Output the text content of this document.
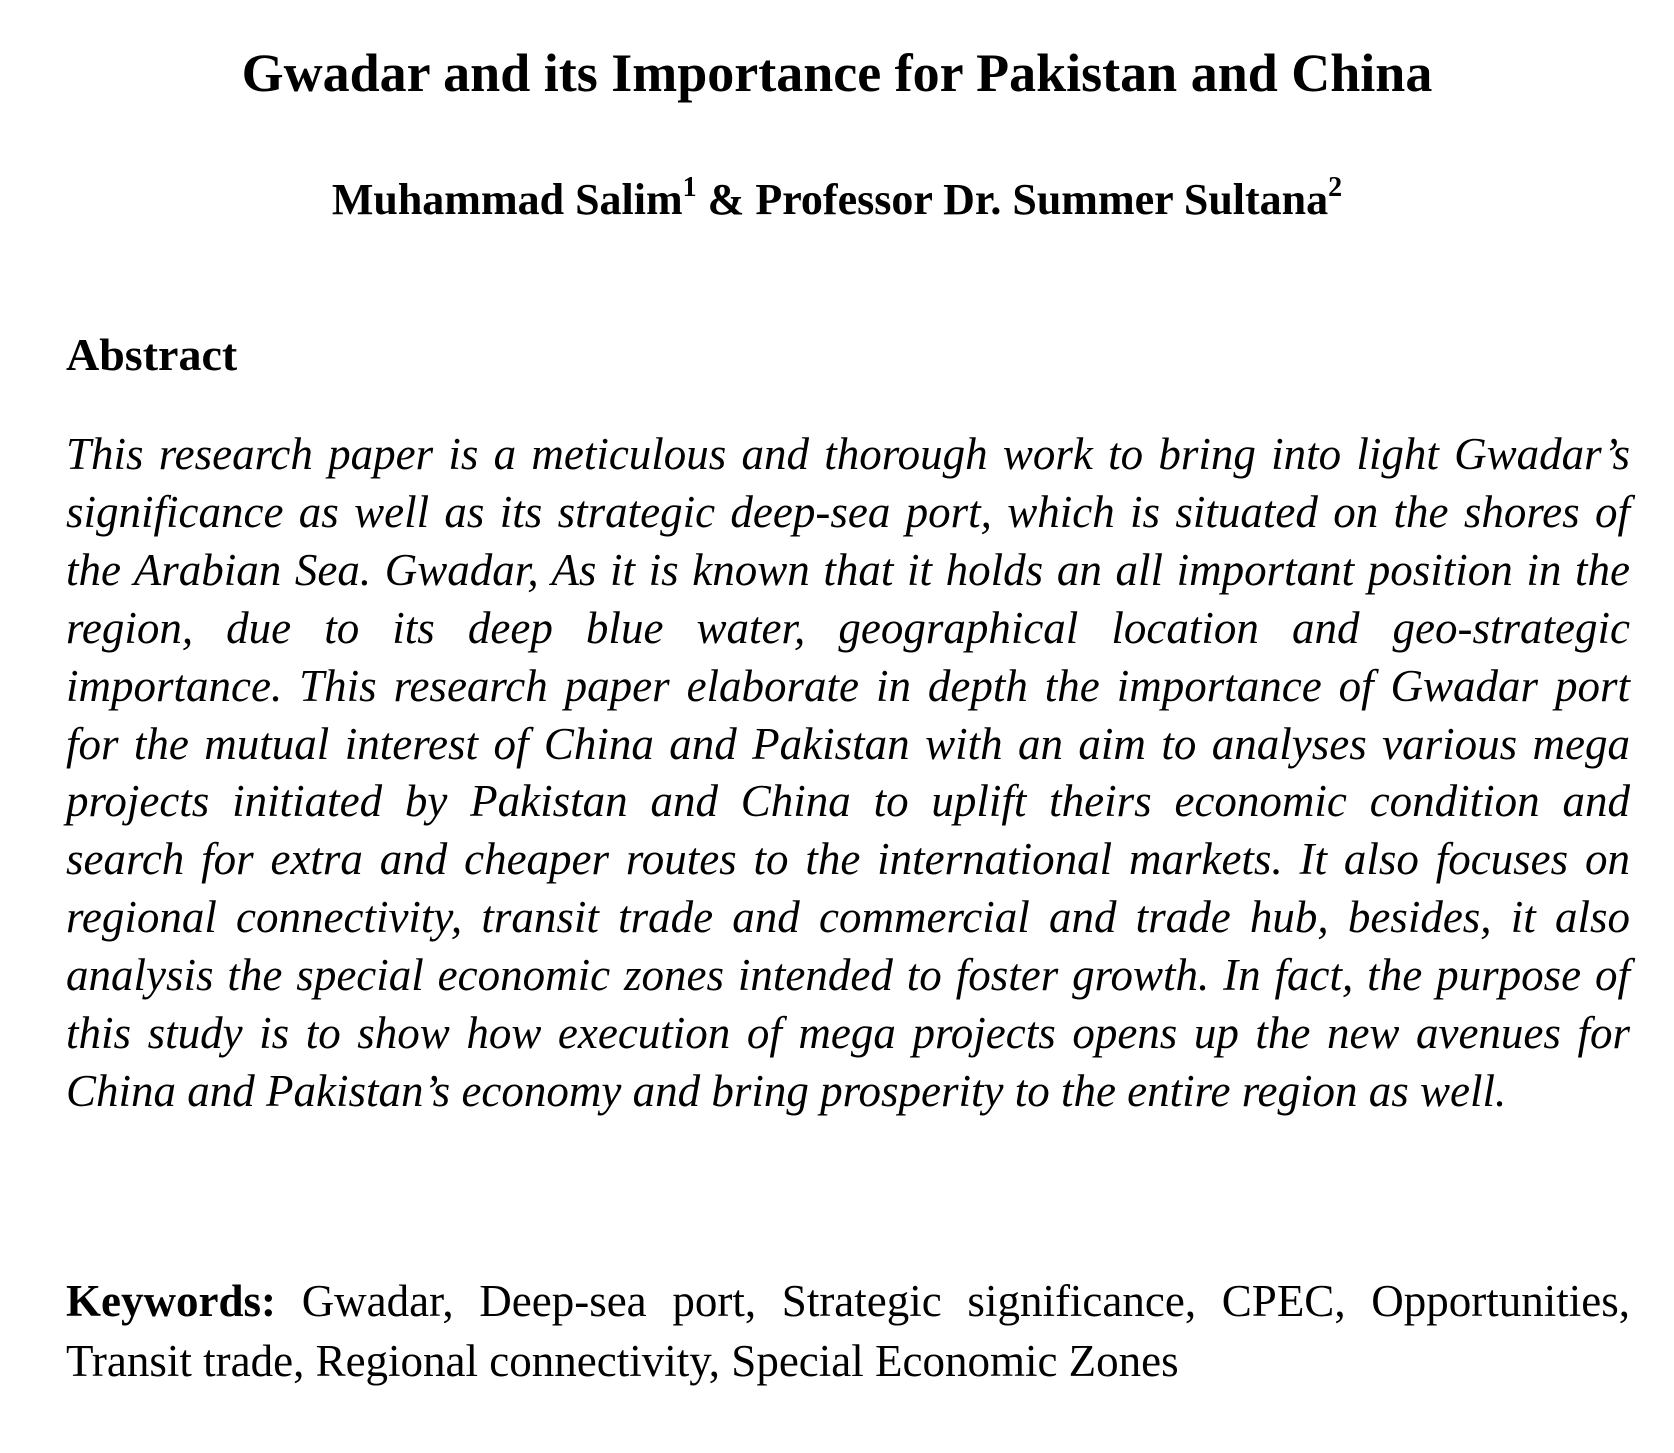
Gwadar and its Importance for Pakistan and China

Muhammad Salim$^1$ & Professor Dr. Summer Sultana$^2$

Abstract

This research paper is a meticulous and thorough work to bring into light Gwadar’s significance as well as its strategic deep-sea port, which is situated on the shores of the Arabian Sea. Gwadar, As it is known that it holds an all important position in the region, due to its deep blue water, geographical location and geo-strategic importance. This research paper elaborate in depth the importance of Gwadar port for the mutual interest of China and Pakistan with an aim to analyses various mega projects initiated by Pakistan and China to uplift theirs economic condition and search for extra and cheaper routes to the international markets. It also focuses on regional connectivity, transit trade and commercial and trade hub, besides, it also analysis the special economic zones intended to foster growth. In fact, the purpose of this study is to show how execution of mega projects opens up the new avenues for China and Pakistan’s economy and bring prosperity to the entire region as well.

Keywords: Gwadar, Deep-sea port, Strategic significance, CPEC, Opportunities, Transit trade, Regional connectivity, Special Economic Zones
